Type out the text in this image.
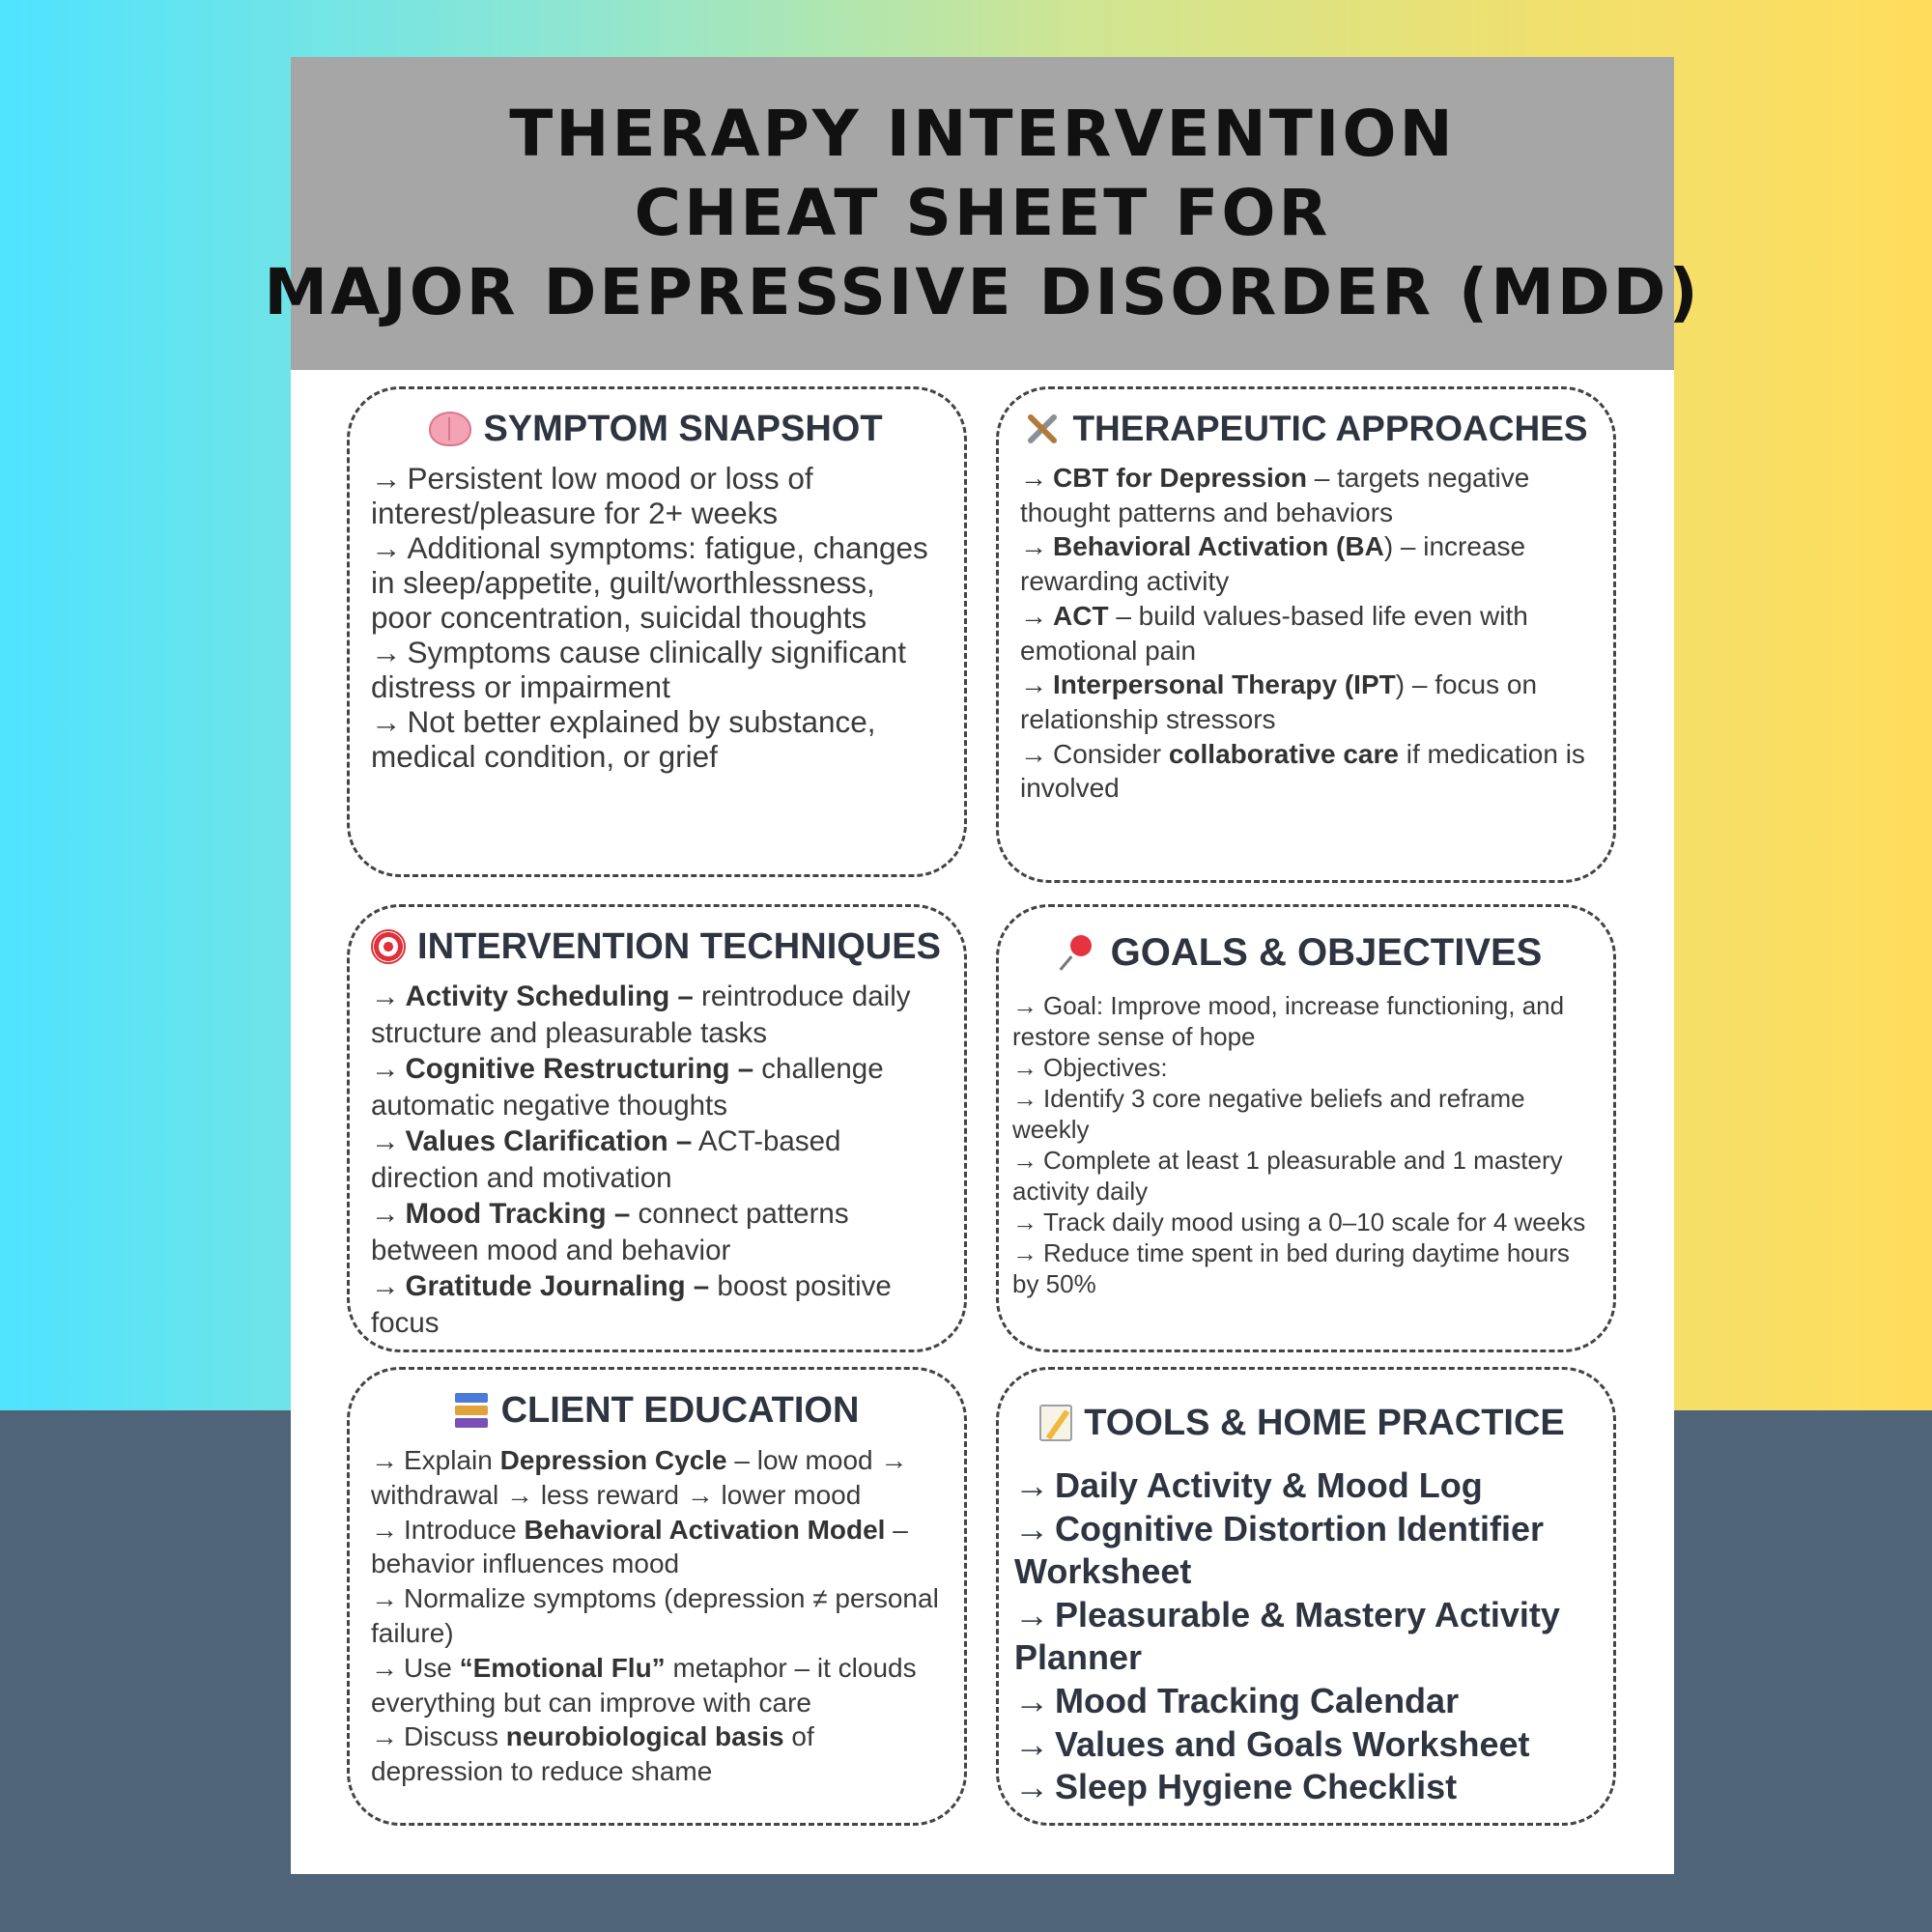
THERAPY INTERVENTION
CHEAT SHEET FOR
MAJOR DEPRESSIVE DISORDER (MDD)
SYMPTOM SNAPSHOT

→ Persistent low mood or loss of interest/pleasure for 2+ weeks

→ Additional symptoms: fatigue, changes in sleep/appetite, guilt/worthlessness, poor concentration, suicidal thoughts

→ Symptoms cause clinically significant distress or impairment

→ Not better explained by substance, medical condition, or grief

THERAPEUTIC APPROACHES

→ CBT for Depression – targets negative thought patterns and behaviors

→ Behavioral Activation (BA) – increase rewarding activity

→ ACT – build values-based life even with emotional pain

→ Interpersonal Therapy (IPT) – focus on relationship stressors

→ Consider collaborative care if medication is involved

INTERVENTION TECHNIQUES

→ Activity Scheduling – reintroduce daily structure and pleasurable tasks

→ Cognitive Restructuring – challenge automatic negative thoughts

→ Values Clarification – ACT-based direction and motivation

→ Mood Tracking – connect patterns between mood and behavior

→ Gratitude Journaling – boost positive focus

GOALS & OBJECTIVES

→ Goal: Improve mood, increase functioning, and restore sense of hope

→ Objectives:

→ Identify 3 core negative beliefs and reframe weekly

→ Complete at least 1 pleasurable and 1 mastery activity daily

→ Track daily mood using a 0–10 scale for 4 weeks

→ Reduce time spent in bed during daytime hours by 50%

CLIENT EDUCATION

→ Explain Depression Cycle – low mood → withdrawal → less reward → lower mood

→ Introduce Behavioral Activation Model – behavior influences mood

→ Normalize symptoms (depression ≠ personal failure)

→ Use “Emotional Flu” metaphor – it clouds everything but can improve with care

→ Discuss neurobiological basis of depression to reduce shame

TOOLS & HOME PRACTICE

→ Daily Activity & Mood Log

→ Cognitive Distortion Identifier Worksheet

→ Pleasurable & Mastery Activity Planner

→ Mood Tracking Calendar

→ Values and Goals Worksheet

→ Sleep Hygiene Checklist
